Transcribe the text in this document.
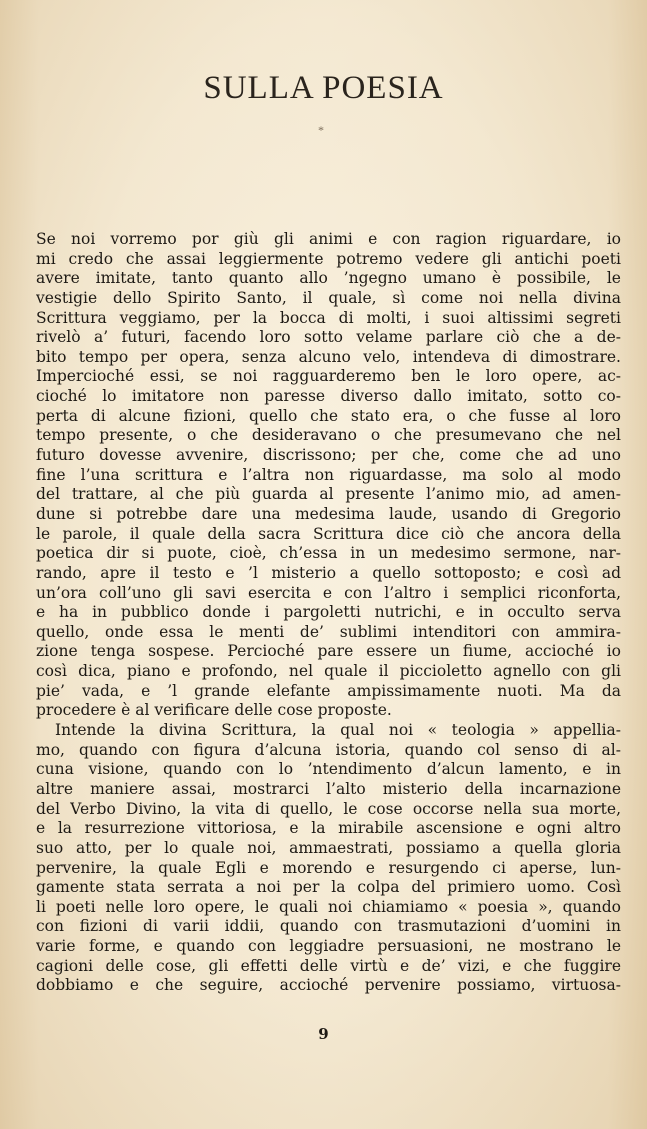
SULLA POESIA
*
Se noi vorremo por giù gli animi e con ragion riguardare, io
mi credo che assai leggiermente potremo vedere gli antichi poeti
avere imitate, tanto quanto allo ’ngegno umano è possibile, le
vestigie dello Spirito Santo, il quale, sì come noi nella divina
Scrittura veggiamo, per la bocca di molti, i suoi altissimi segreti
rivelò a’ futuri, facendo loro sotto velame parlare ciò che a de-
bito tempo per opera, senza alcuno velo, intendeva di dimostrare.
Impercioché essi, se noi ragguarderemo ben le loro opere, ac-
cioché lo imitatore non paresse diverso dallo imitato, sotto co-
perta di alcune fizioni, quello che stato era, o che fusse al loro
tempo presente, o che desideravano o che presumevano che nel
futuro dovesse avvenire, discrissono; per che, come che ad uno
fine l’una scrittura e l’altra non riguardasse, ma solo al modo
del trattare, al che più guarda al presente l’animo mio, ad amen-
dune si potrebbe dare una medesima laude, usando di Gregorio
le parole, il quale della sacra Scrittura dice ciò che ancora della
poetica dir si puote, cioè, ch’essa in un medesimo sermone, nar-
rando, apre il testo e ’l misterio a quello sottoposto; e così ad
un’ora coll’uno gli savi esercita e con l’altro i semplici riconforta,
e ha in pubblico donde i pargoletti nutrichi, e in occulto serva
quello, onde essa le menti de’ sublimi intenditori con ammira-
zione tenga sospese. Percioché pare essere un fiume, accioché io
così dica, piano e profondo, nel quale il piccioletto agnello con gli
pie’ vada, e ’l grande elefante ampissimamente nuoti. Ma da
procedere è al verificare delle cose proposte.
Intende la divina Scrittura, la qual noi « teologia » appellia-
mo, quando con figura d’alcuna istoria, quando col senso di al-
cuna visione, quando con lo ’ntendimento d’alcun lamento, e in
altre maniere assai, mostrarci l’alto misterio della incarnazione
del Verbo Divino, la vita di quello, le cose occorse nella sua morte,
e la resurrezione vittoriosa, e la mirabile ascensione e ogni altro
suo atto, per lo quale noi, ammaestrati, possiamo a quella gloria
pervenire, la quale Egli e morendo e resurgendo ci aperse, lun-
gamente stata serrata a noi per la colpa del primiero uomo. Così
li poeti nelle loro opere, le quali noi chiamiamo « poesia », quando
con fizioni di varii iddii, quando con trasmutazioni d’uomini in
varie forme, e quando con leggiadre persuasioni, ne mostrano le
cagioni delle cose, gli effetti delle virtù e de’ vizi, e che fuggire
dobbiamo e che seguire, accioché pervenire possiamo, virtuosa-
9
